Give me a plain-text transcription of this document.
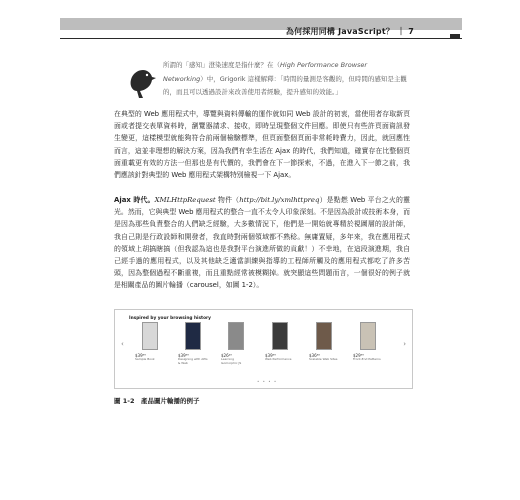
為何採用同構 JavaScript？ ｜ 7
所謂的「感知」澄染速度是指什麼？在（High Performance Browser Networking）中，Grigorik 這樣解釋：「時間的量測是客觀的，但時間的感知是主觀的，而且可以透過設計來改善使用者經驗，提升感知的效能。」
在典型的 Web 應用程式中，導覽與資料傳輸的運作就如同 Web 設計的初衷，當使用者存取新頁面或者提交表單資料時，瀏覽器請求、接收，即時呈現整個文件回應。即使只有些許頁面資訊發生變更，這樣模型就能夠符合前兩個檢驗標準，但頁面整個頁面非常耗時費力，因此，就回應性而言，這並非理想的解決方案，因為我們有幸生活在 Ajax 的時代，我們知道，確實存在比整個頁面重載更有效的方法一但那也是有代價的，我們會在下一節探索，不過，在進入下一節之前，我們應該針對典型的 Web 應用程式架構特別檢視一下 Ajax。
Ajax 時代。XMLHttpRequest 物件（http://bit.ly/xmlhttpreq）是點燃 Web 平台之火的靈光。然而，它與典型 Web 應用程式的整合一直不太令人印象深刻。不是因為設計或技術本身，而是因為那些負責整合的人們缺乏經驗，大多數情況下，他們是一開始就專精於視圖層的設計師，我自己則是行政設師和開發者，我直時對兩個領域都不熟稔。無庸置疑，多年來，我在應用程式的領域上胡搞瞎搞（但我認為這也是我對平台演進所做的貢獻！）不幸地，在這段演進期，我自己經手過的應用程式，以及其他缺乏適當訓練與指導的工程師所觸及的應用程式都吃了許多苦頭，因為整個過程不斷重複，而且重點經常被模糊掉。就突顯這些問題而言，一個很好的例子就是相關產品的圖片輪播（carousel，如圖 1-2）。
Inspired by your browsing history
‹	›
$39⁹⁹
Sample Book
$39⁹⁹
Designing with APIs & Web
$26⁴⁹
Learning Isomorphic JS
$39⁹⁹
Web Performance
$36⁸⁸
Scalable Web Sites
$29⁹⁹
Front-End Patterns
• • • •
圖 1-2　產品圖片輪播的例子
